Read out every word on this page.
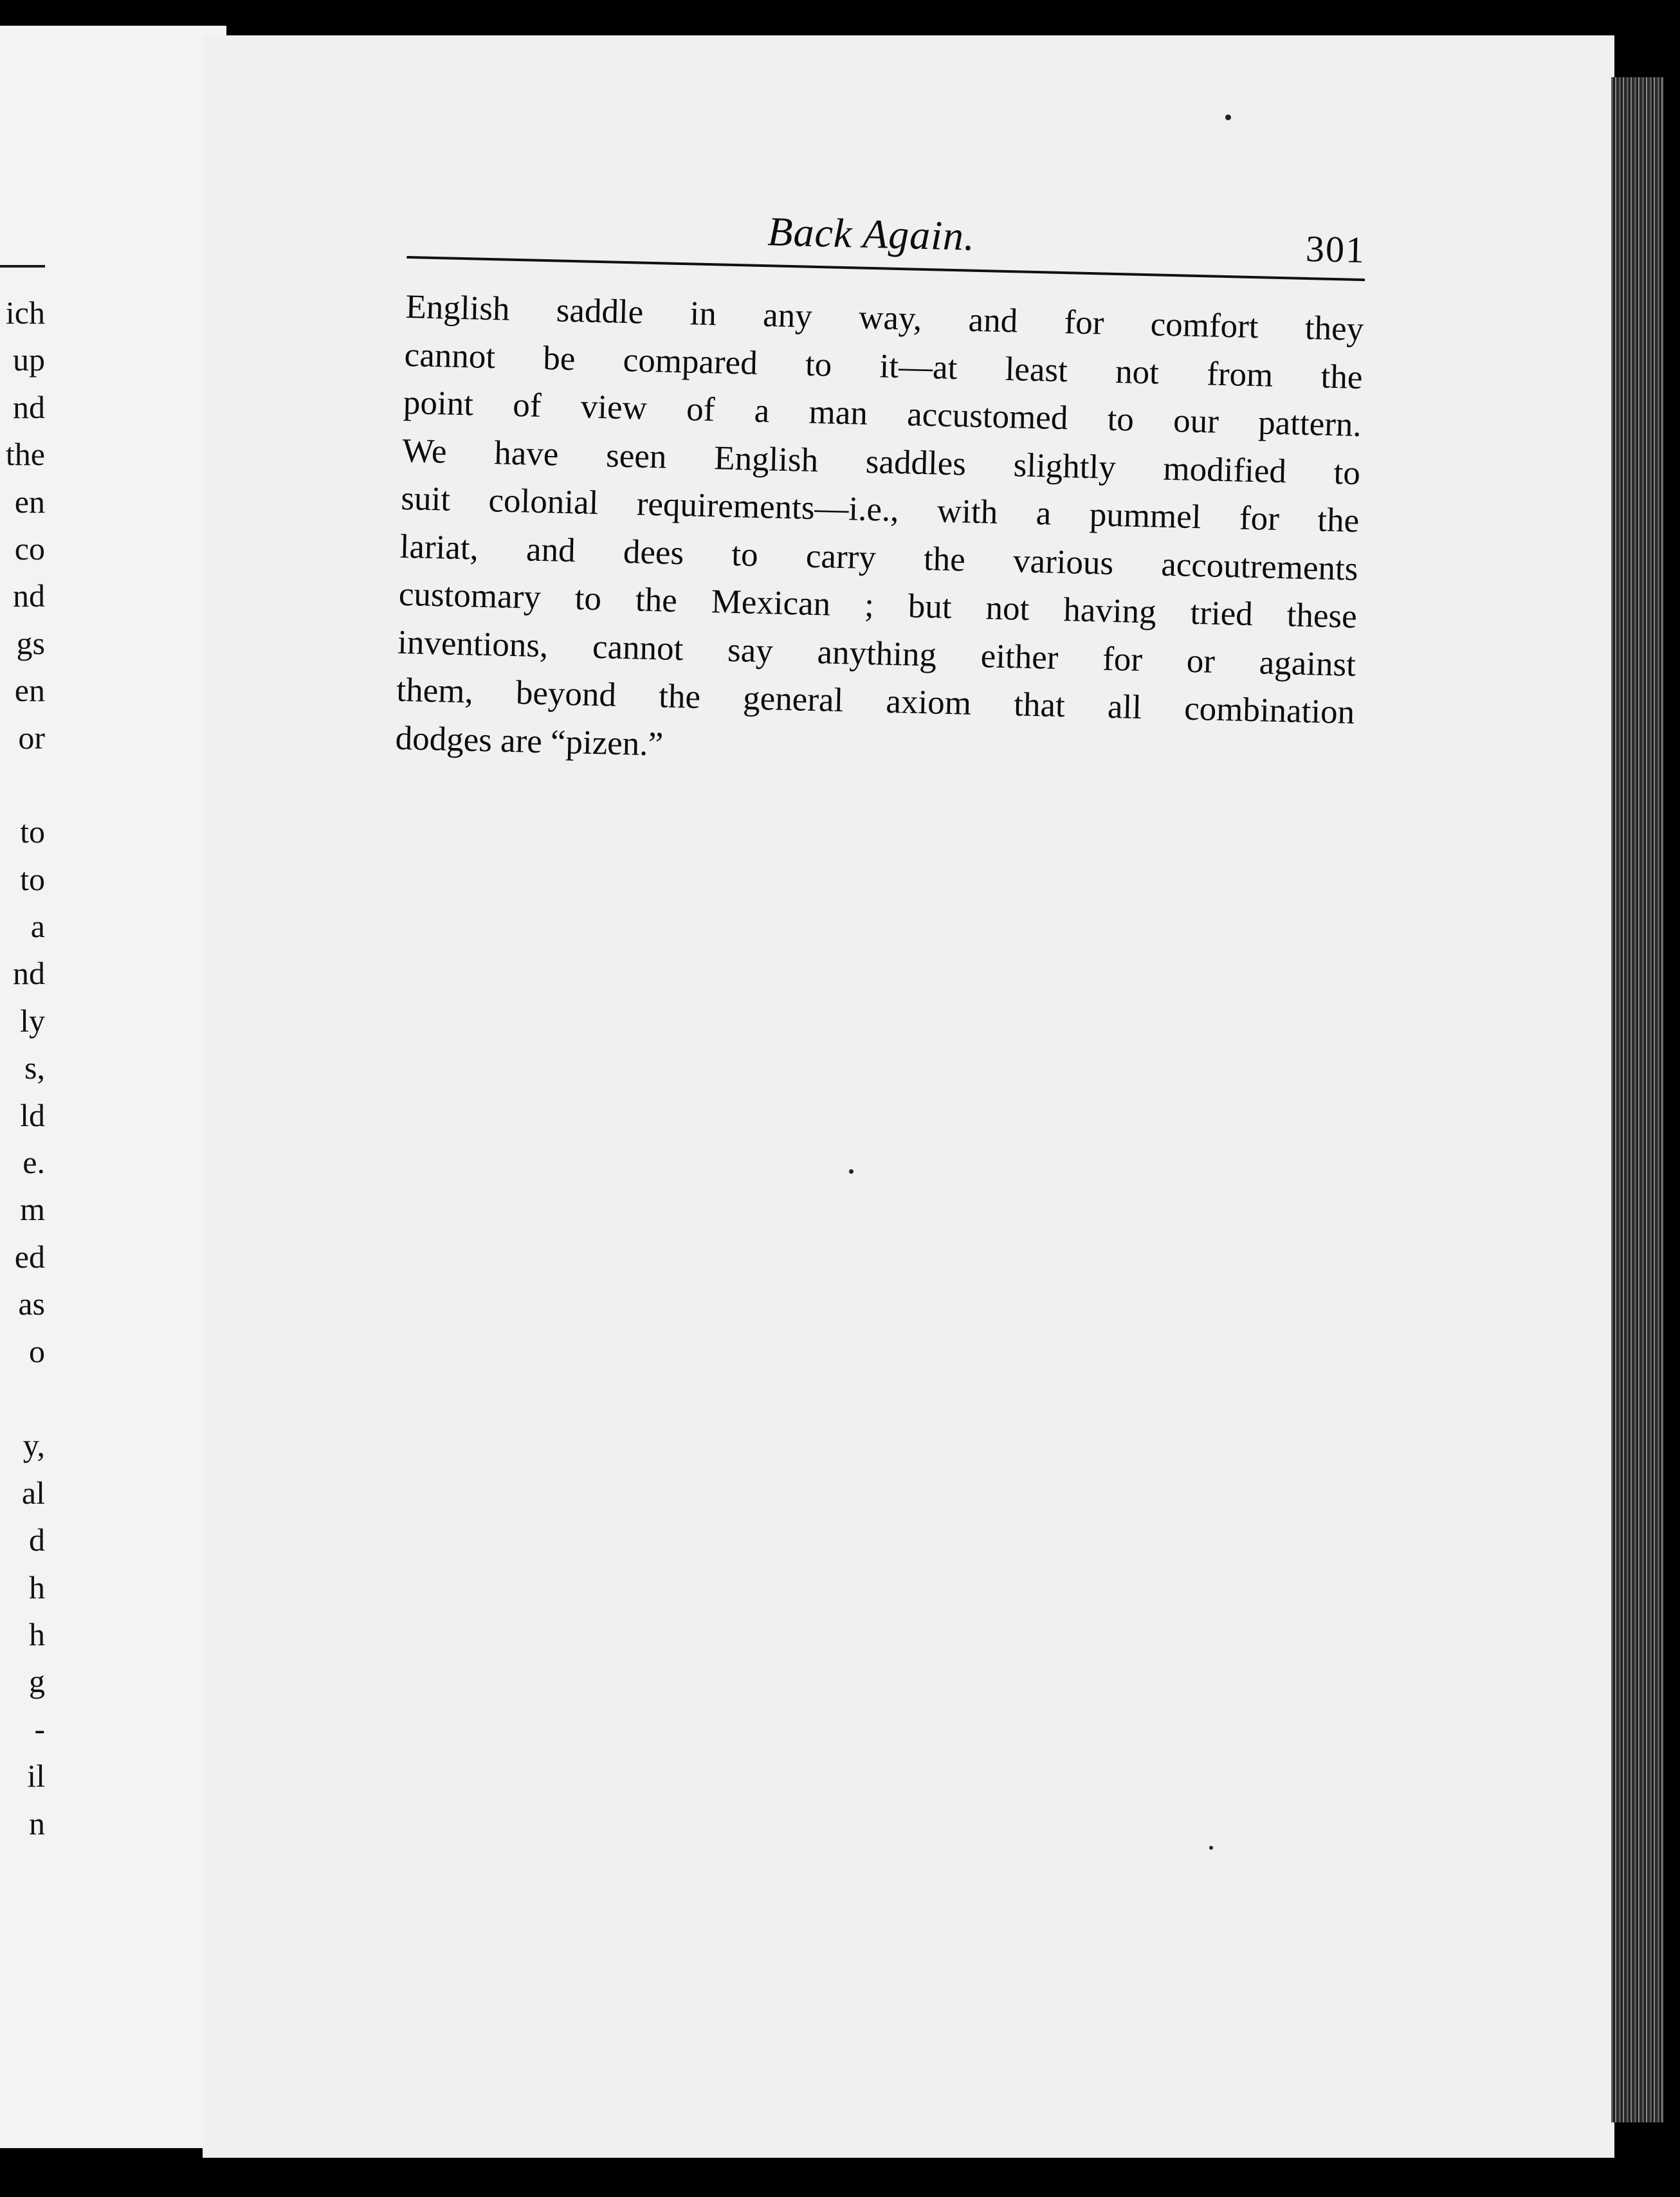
ich
up
nd
the
en
co
nd
gs
en
or
to
to
a
nd
ly
s,
ld
e.
m
ed
as
o
y,
al
d
h
h
g
-
il
n
Back Again.	301
English saddle in any way, and for comfort they
cannot be compared to it—at least not from the
point of view of a man accustomed to our pattern.
We have seen English saddles slightly modified to
suit colonial requirements—i.e., with a pummel for the
lariat, and dees to carry the various accoutrements
customary to the Mexican ; but not having tried these
inventions, cannot say anything either for or against
them, beyond the general axiom that all combination
dodges are “pizen.”
